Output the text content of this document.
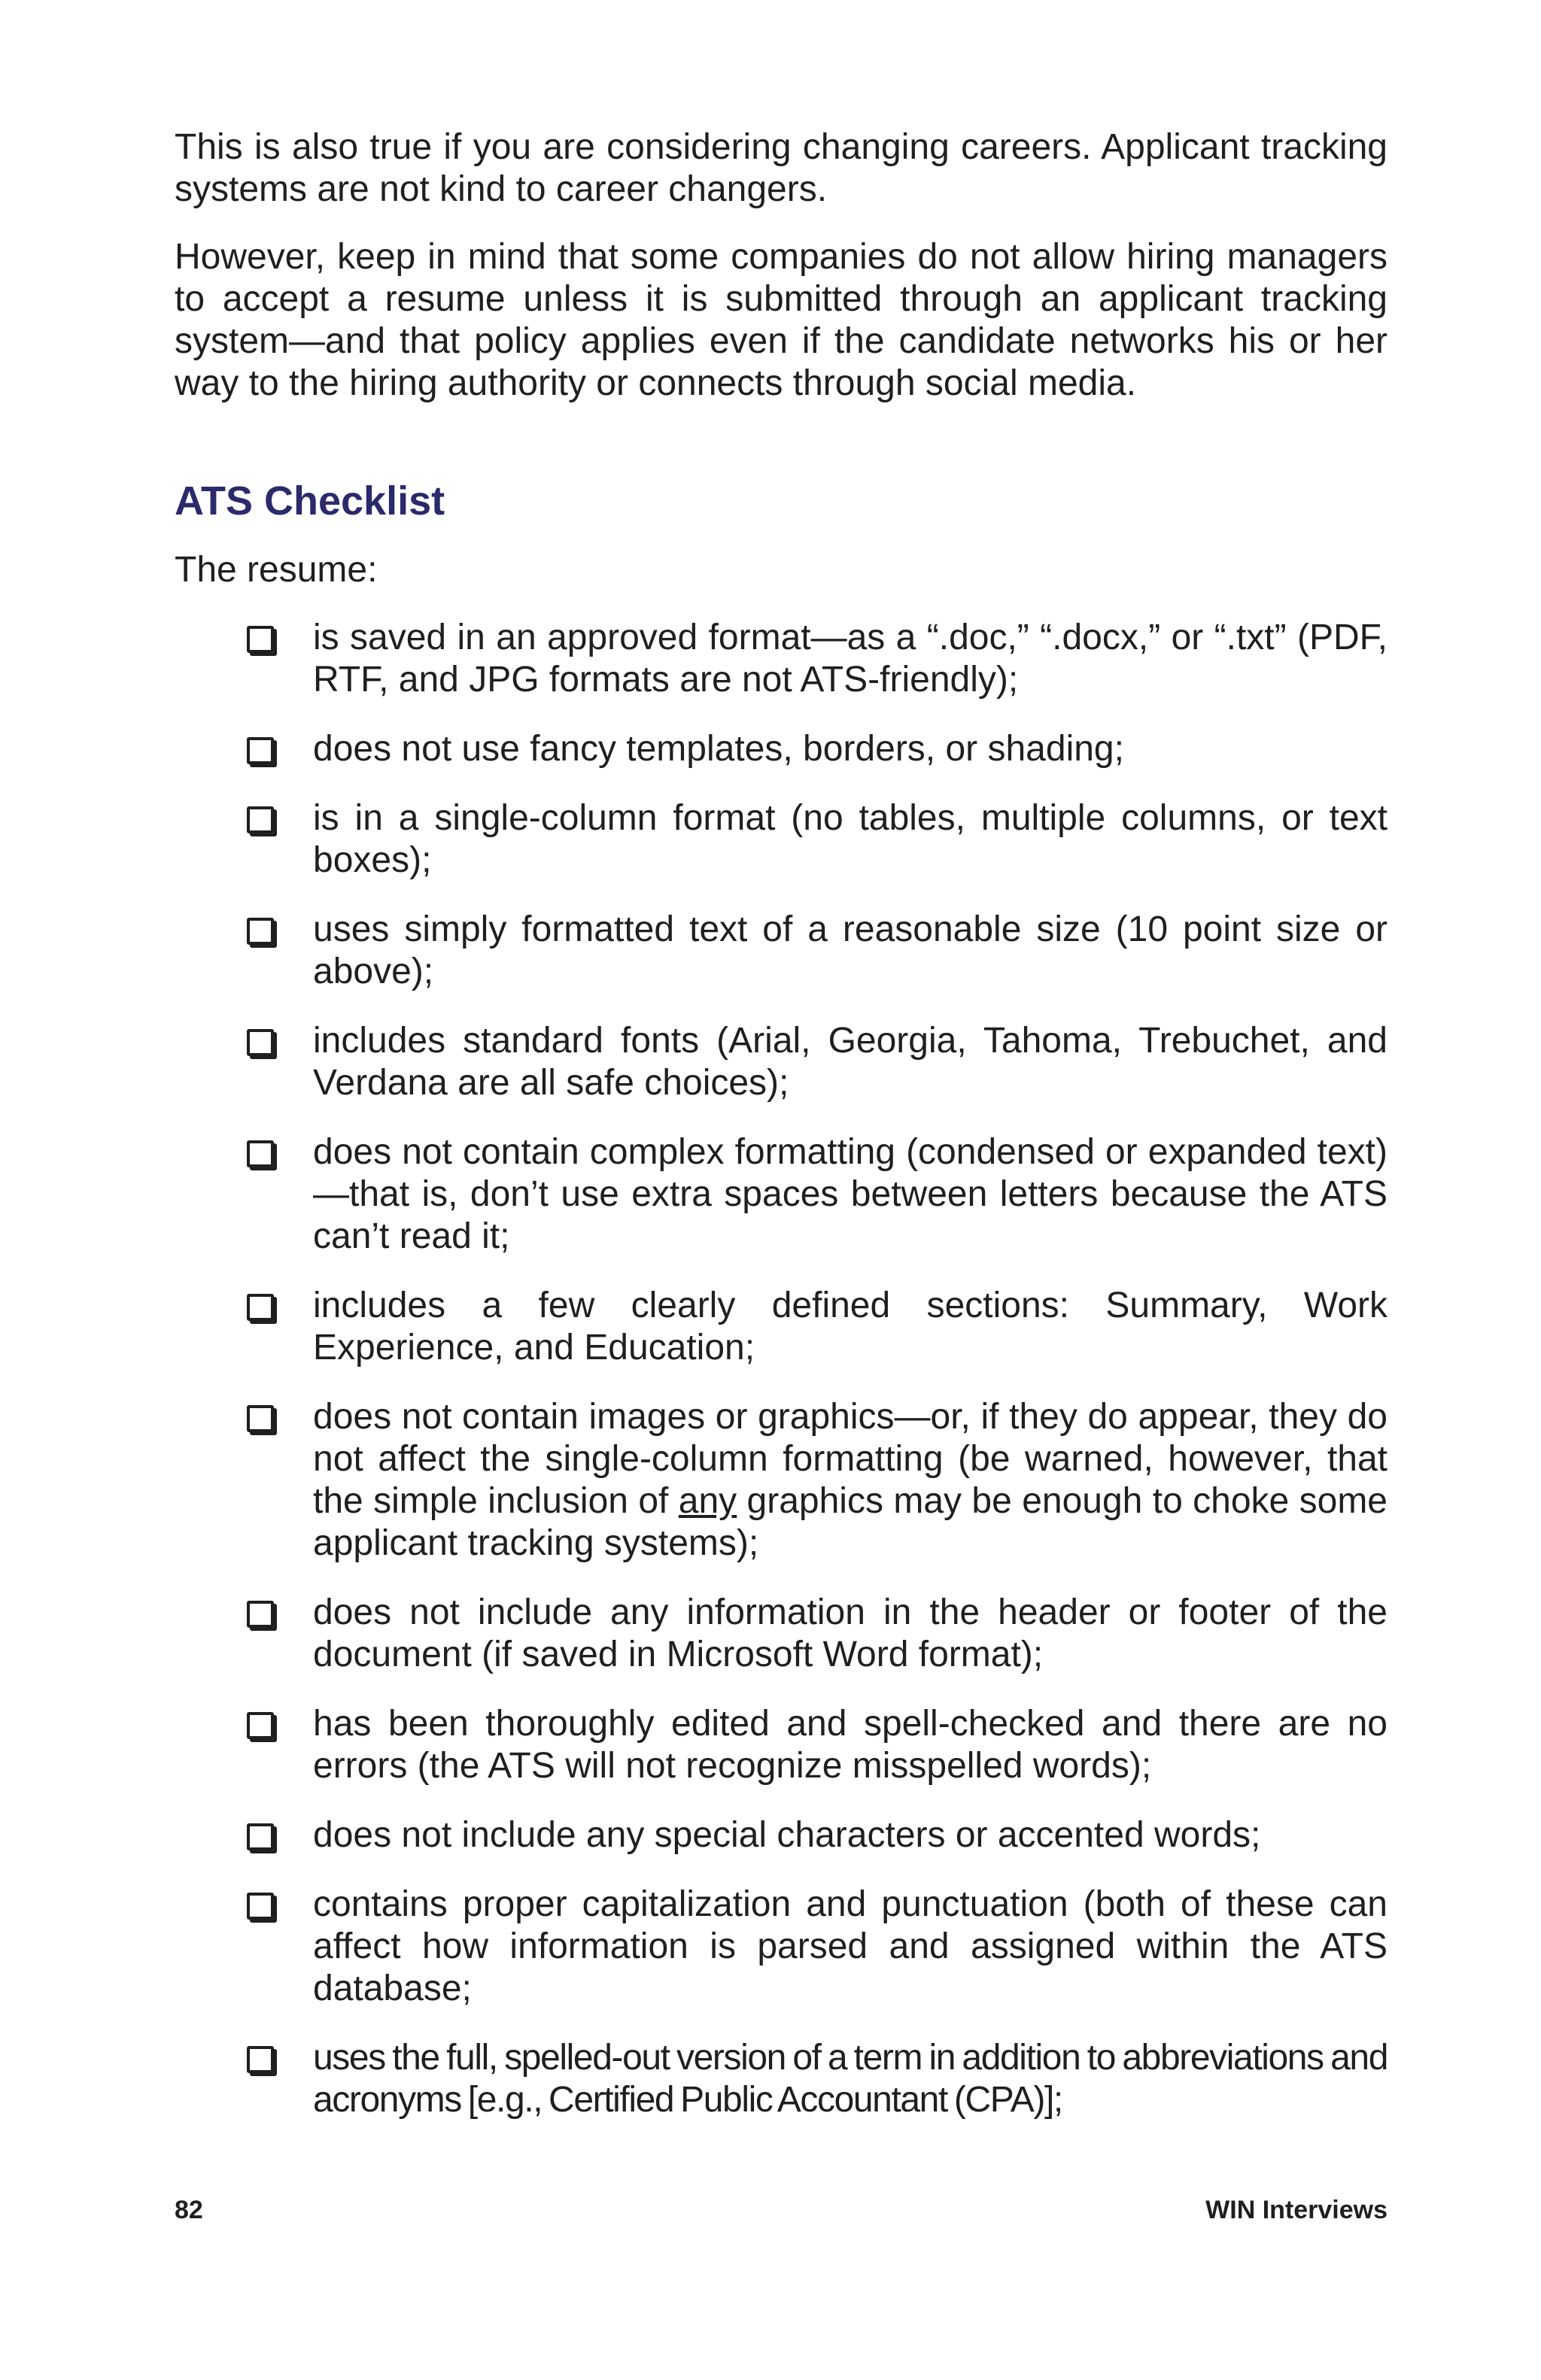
This is also true if you are considering changing careers. Applicant tracking systems are not kind to career changers.

However, keep in mind that some companies do not allow hiring managers to accept a resume unless it is submitted through an applicant tracking system—and that policy applies even if the candidate networks his or her way to the hiring authority or connects through social media.

ATS Checklist
The resume:
is saved in an approved format—as a “.doc,” “.docx,” or “.txt” (PDF, RTF, and JPG formats are not ATS-friendly);
does not use fancy templates, borders, or shading;
is in a single-column format (no tables, multiple columns, or text boxes);
uses simply formatted text of a reasonable size (10 point size or above);
includes standard fonts (Arial, Georgia, Tahoma, Trebuchet, and Verdana are all safe choices);
does not contain complex formatting (condensed or expanded text)—that is, don’t use extra spaces between letters because the ATS can’t read it;
includes a few clearly defined sections: Summary, Work Experience, and Education;
does not contain images or graphics—or, if they do appear, they do not affect the single-column formatting (be warned, however, that the simple inclusion of any graphics may be enough to choke some applicant tracking systems);
does not include any information in the header or footer of the document (if saved in Microsoft Word format);
has been thoroughly edited and spell-checked and there are no errors (the ATS will not recognize misspelled words);
does not include any special characters or accented words;
contains proper capitalization and punctuation (both of these can affect how information is parsed and assigned within the ATS database;
uses the full, spelled-out version of a term in addition to abbreviations and acronyms [e.g., Certified Public Accountant (CPA)];
82	WIN Interviews
